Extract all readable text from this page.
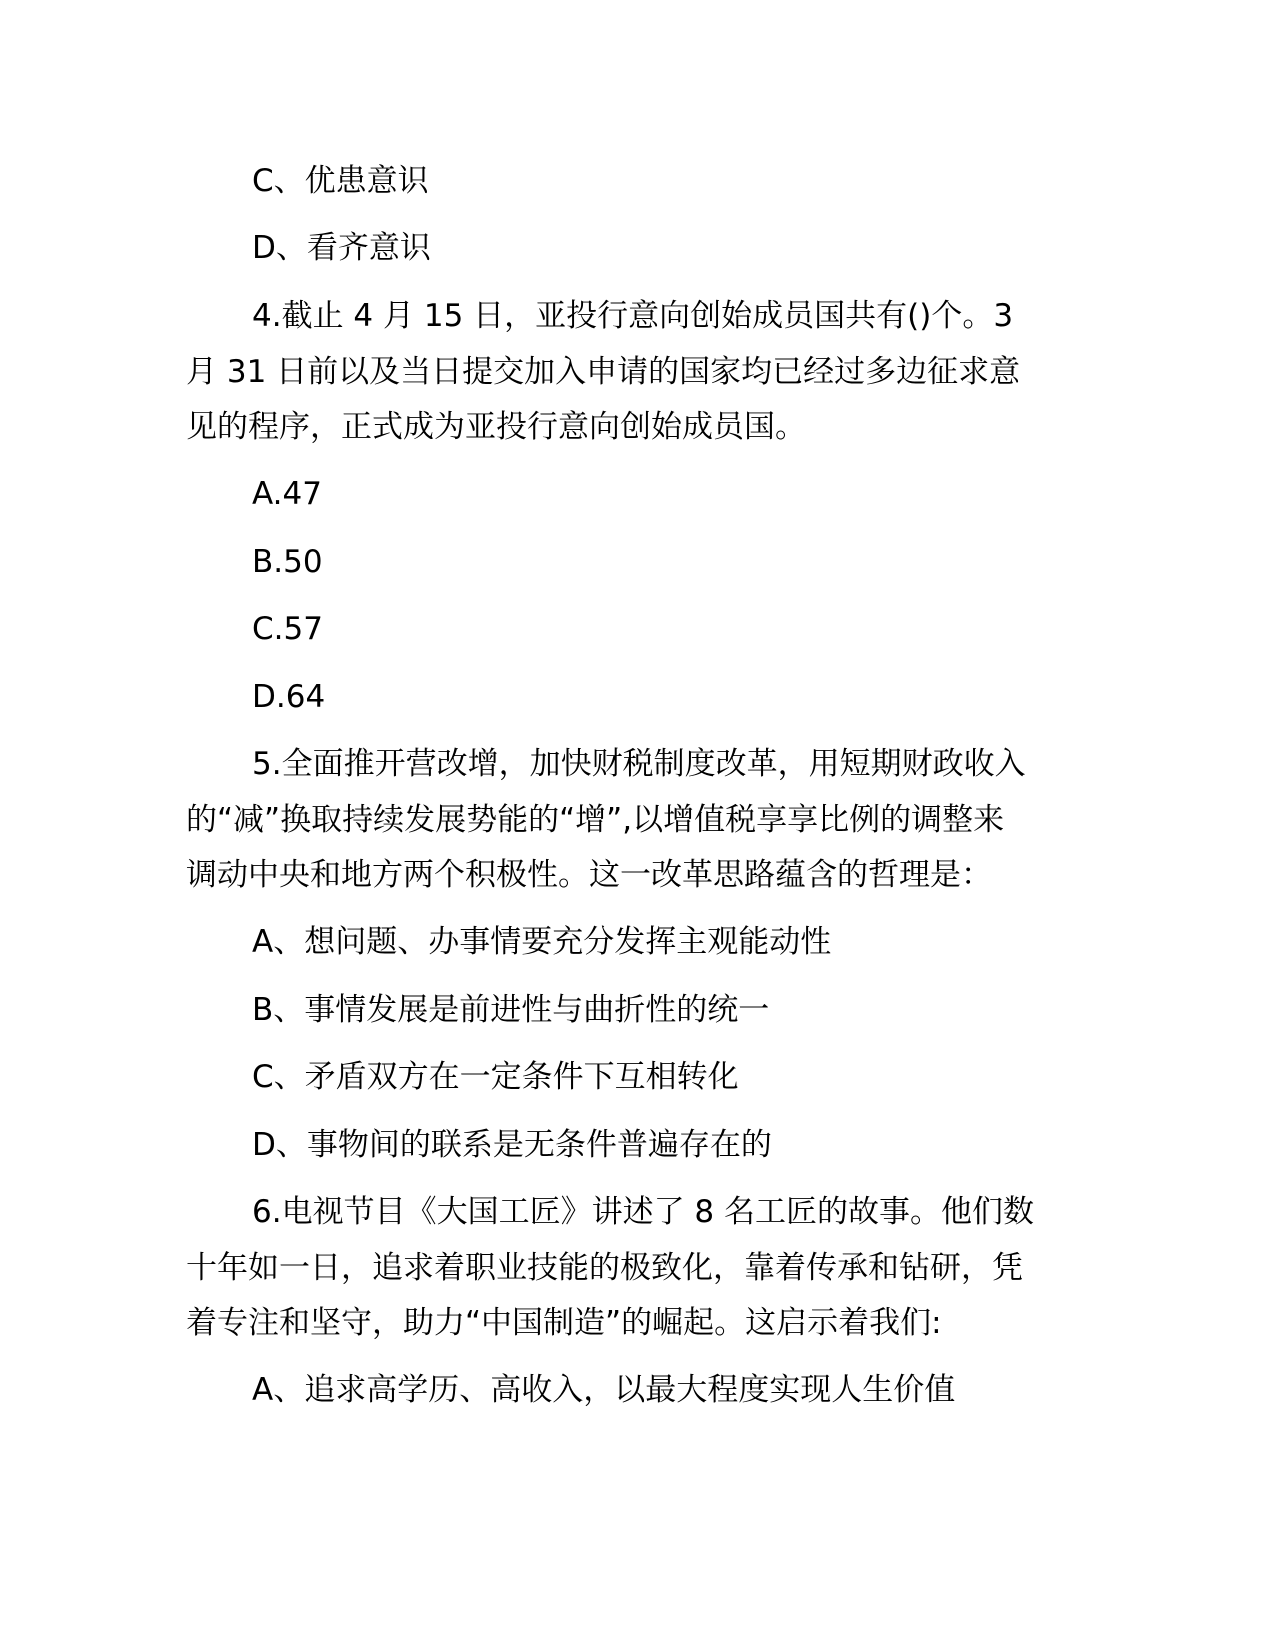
C、优患意识
D、看齐意识
4.截止 4 月 15 日，亚投行意向创始成员国共有()个。3
月 31 日前以及当日提交加入申请的国家均已经过多边征求意
见的程序，正式成为亚投行意向创始成员国。
A.47
B.50
C.57
D.64
5.全面推开营改增，加快财税制度改革，用短期财政收入
的“减”换取持续发展势能的“增”,以增值税享享比例的调整来
调动中央和地方两个积极性。这一改革思路蕴含的哲理是：
A、想问题、办事情要充分发挥主观能动性
B、事情发展是前进性与曲折性的统一
C、矛盾双方在一定条件下互相转化
D、事物间的联系是无条件普遍存在的
6.电视节目《大国工匠》讲述了 8 名工匠的故事。他们数
十年如一日，追求着职业技能的极致化，靠着传承和钻研，凭
着专注和坚守，助力“中国制造”的崛起。这启示着我们:
A、追求高学历、高收入，以最大程度实现人生价值
